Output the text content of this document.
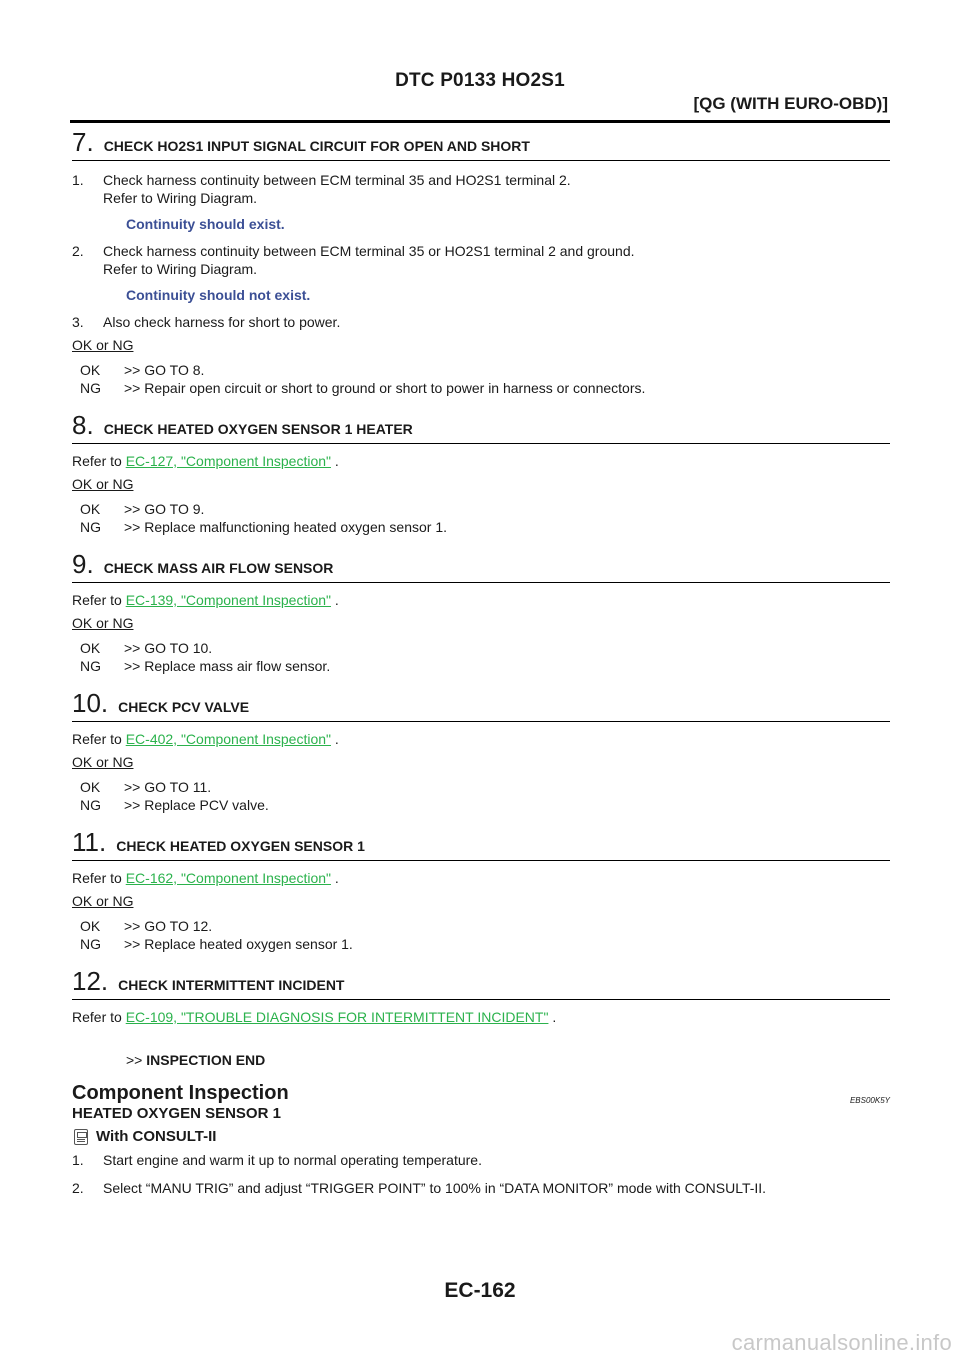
DTC P0133 HO2S1
[QG (WITH EURO-OBD)]
7. CHECK HO2S1 INPUT SIGNAL CIRCUIT FOR OPEN AND SHORT
1. Check harness continuity between ECM terminal 35 and HO2S1 terminal 2.
Refer to Wiring Diagram.
Continuity should exist.
2. Check harness continuity between ECM terminal 35 or HO2S1 terminal 2 and ground.
Refer to Wiring Diagram.
Continuity should not exist.
3. Also check harness for short to power.
OK or NG
OK >> GO TO 8.
NG >> Repair open circuit or short to ground or short to power in harness or connectors.
8. CHECK HEATED OXYGEN SENSOR 1 HEATER
Refer to EC-127, "Component Inspection" .
OK or NG
OK >> GO TO 9.
NG >> Replace malfunctioning heated oxygen sensor 1.
9. CHECK MASS AIR FLOW SENSOR
Refer to EC-139, "Component Inspection" .
OK or NG
OK >> GO TO 10.
NG >> Replace mass air flow sensor.
10. CHECK PCV VALVE
Refer to EC-402, "Component Inspection" .
OK or NG
OK >> GO TO 11.
NG >> Replace PCV valve.
11. CHECK HEATED OXYGEN SENSOR 1
Refer to EC-162, "Component Inspection" .
OK or NG
OK >> GO TO 12.
NG >> Replace heated oxygen sensor 1.
12. CHECK INTERMITTENT INCIDENT
Refer to EC-109, "TROUBLE DIAGNOSIS FOR INTERMITTENT INCIDENT" .
>> INSPECTION END
Component Inspection	EBS00K5Y
HEATED OXYGEN SENSOR 1
With CONSULT-II
1. Start engine and warm it up to normal operating temperature.
2. Select “MANU TRIG” and adjust “TRIGGER POINT” to 100% in “DATA MONITOR” mode with CONSULT-II.
EC-162
carmanualsonline.info
